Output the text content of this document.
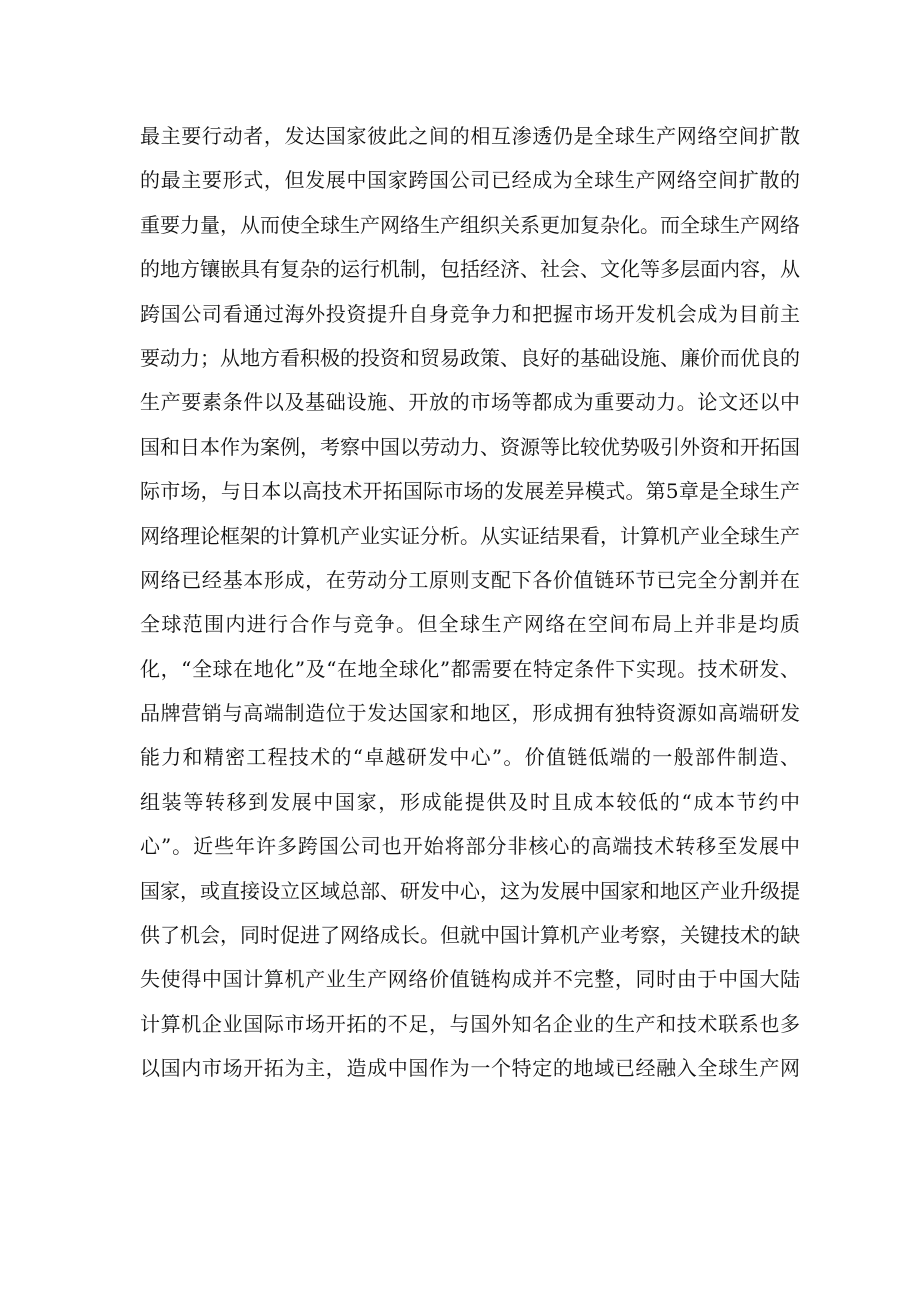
最主要行动者，发达国家彼此之间的相互渗透仍是全球生产网络空间扩散
的最主要形式，但发展中国家跨国公司已经成为全球生产网络空间扩散的
重要力量，从而使全球生产网络生产组织关系更加复杂化。而全球生产网络
的地方镶嵌具有复杂的运行机制，包括经济、社会、文化等多层面内容，从
跨国公司看通过海外投资提升自身竞争力和把握市场开发机会成为目前主
要动力；从地方看积极的投资和贸易政策、良好的基础设施、廉价而优良的
生产要素条件以及基础设施、开放的市场等都成为重要动力。论文还以中
国和日本作为案例，考察中国以劳动力、资源等比较优势吸引外资和开拓国
际市场，与日本以高技术开拓国际市场的发展差异模式。第5章是全球生产
网络理论框架的计算机产业实证分析。从实证结果看，计算机产业全球生产
网络已经基本形成，在劳动分工原则支配下各价值链环节已完全分割并在
全球范围内进行合作与竞争。但全球生产网络在空间布局上并非是均质
化，“全球在地化”及“在地全球化”都需要在特定条件下实现。技术研发、
品牌营销与高端制造位于发达国家和地区，形成拥有独特资源如高端研发
能力和精密工程技术的“卓越研发中心”。价值链低端的一般部件制造、
组装等转移到发展中国家，形成能提供及时且成本较低的“成本节约中
心”。近些年许多跨国公司也开始将部分非核心的高端技术转移至发展中
国家，或直接设立区域总部、研发中心，这为发展中国家和地区产业升级提
供了机会，同时促进了网络成长。但就中国计算机产业考察，关键技术的缺
失使得中国计算机产业生产网络价值链构成并不完整，同时由于中国大陆
计算机企业国际市场开拓的不足，与国外知名企业的生产和技术联系也多
以国内市场开拓为主，造成中国作为一个特定的地域已经融入全球生产网
